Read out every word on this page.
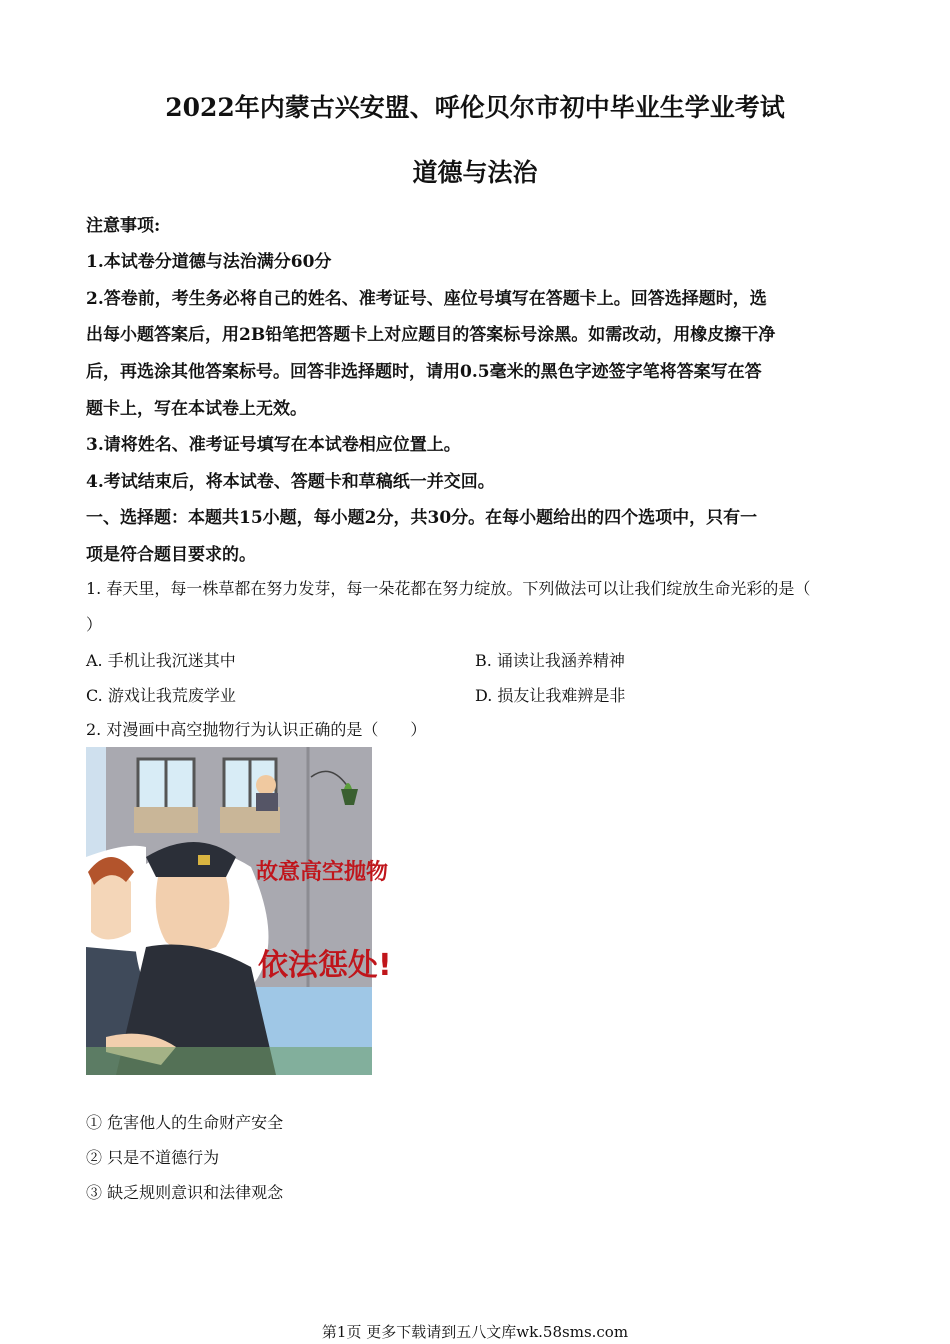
2022年内蒙古兴安盟、呼伦贝尔市初中毕业生学业考试
道德与法治
注意事项:
1.本试卷分道德与法治满分60分
2.答卷前，考生务必将自己的姓名、准考证号、座位号填写在答题卡上。回答选择题时，选
出每小题答案后，用2B铅笔把答题卡上对应题目的答案标号涂黑。如需改动，用橡皮擦干净
后，再选涂其他答案标号。回答非选择题时，请用0.5毫米的黑色字迹签字笔将答案写在答
题卡上，写在本试卷上无效。
3.请将姓名、准考证号填写在本试卷相应位置上。
4.考试结束后，将本试卷、答题卡和草稿纸一并交回。
一、选择题：本题共15小题，每小题2分，共30分。在每小题给出的四个选项中，只有一
项是符合题目要求的。
1. 春天里，每一株草都在努力发芽，每一朵花都在努力绽放。下列做法可以让我们绽放生命光彩的是（
）
A. 手机让我沉迷其中	B. 诵读让我涵养精神
C. 游戏让我荒废学业	D. 损友让我难辨是非
2. 对漫画中高空抛物行为认识正确的是（　　）
故意高空抛物
依法惩处!
① 危害他人的生命财产安全
② 只是不道德行为
③ 缺乏规则意识和法律观念
第1页 更多下载请到五八文库wk.58sms.com
